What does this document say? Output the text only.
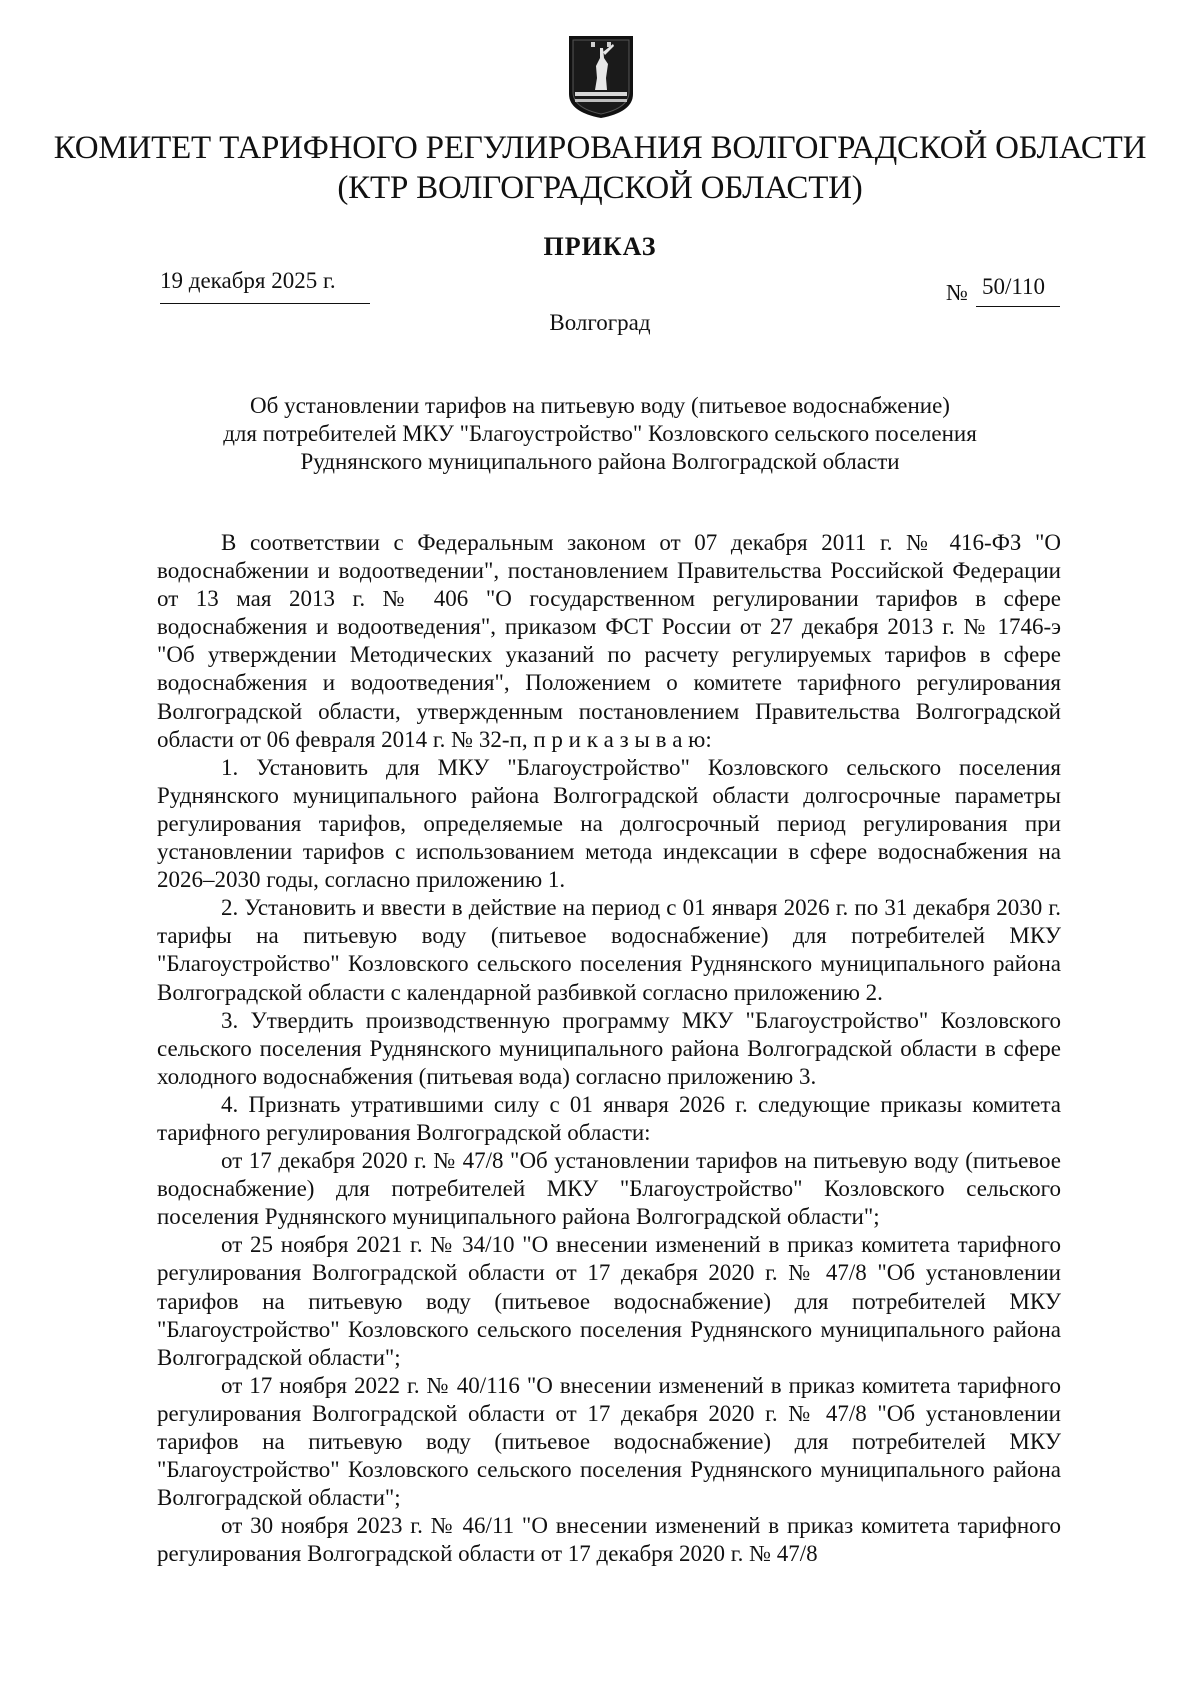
КОМИТЕТ ТАРИФНОГО РЕГУЛИРОВАНИЯ ВОЛГОГРАДСКОЙ ОБЛАСТИ
(КТР ВОЛГОГРАДСКОЙ ОБЛАСТИ)
ПРИКАЗ
19 декабря 2025 г.	№ 50/110
Волгоград
Об установлении тарифов на питьевую воду (питьевое водоснабжение)
для потребителей МКУ "Благоустройство" Козловского сельского поселения
Руднянского муниципального района Волгоградской области

В соответствии с Федеральным законом от 07 декабря 2011 г. № 416-ФЗ "О водоснабжении и водоотведении", постановлением Правительства Российской Федерации от 13 мая 2013 г. № 406 "О государственном регулировании тарифов в сфере водоснабжения и водоотведения", приказом ФСТ России от 27 декабря 2013 г. № 1746-э "Об утверждении Методических указаний по расчету регулируемых тарифов в сфере водоснабжения и водоотведения", Положением о комитете тарифного регулирования Волгоградской области, утвержденным постановлением Правительства Волгоградской области от 06 февраля 2014 г. № 32-п, п р и к а з ы в а ю:

1. Установить для МКУ "Благоустройство" Козловского сельского поселения Руднянского муниципального района Волгоградской области долгосрочные параметры регулирования тарифов, определяемые на долгосрочный период регулирования при установлении тарифов с использованием метода индексации в сфере водоснабжения на 2026–2030 годы, согласно приложению 1.

2. Установить и ввести в действие на период с 01 января 2026 г. по 31 декабря 2030 г. тарифы на питьевую воду (питьевое водоснабжение) для потребителей МКУ "Благоустройство" Козловского сельского поселения Руднянского муниципального района Волгоградской области с календарной разбивкой согласно приложению 2.

3. Утвердить производственную программу МКУ "Благоустройство" Козловского сельского поселения Руднянского муниципального района Волгоградской области в сфере холодного водоснабжения (питьевая вода) согласно приложению 3.

4. Признать утратившими силу с 01 января 2026 г. следующие приказы комитета тарифного регулирования Волгоградской области:

от 17 декабря 2020 г. № 47/8 "Об установлении тарифов на питьевую воду (питьевое водоснабжение) для потребителей МКУ "Благоустройство" Козловского сельского поселения Руднянского муниципального района Волгоградской области";

от 25 ноября 2021 г. № 34/10 "О внесении изменений в приказ комитета тарифного регулирования Волгоградской области от 17 декабря 2020 г. № 47/8 "Об установлении тарифов на питьевую воду (питьевое водоснабжение) для потребителей МКУ "Благоустройство" Козловского сельского поселения Руднянского муниципального района Волгоградской области";

от 17 ноября 2022 г. № 40/116 "О внесении изменений в приказ комитета тарифного регулирования Волгоградской области от 17 декабря 2020 г. № 47/8 "Об установлении тарифов на питьевую воду (питьевое водоснабжение) для потребителей МКУ "Благоустройство" Козловского сельского поселения Руднянского муниципального района Волгоградской области";

от 30 ноября 2023 г. № 46/11 "О внесении изменений в приказ комитета тарифного регулирования Волгоградской области от 17 декабря 2020 г. № 47/8
